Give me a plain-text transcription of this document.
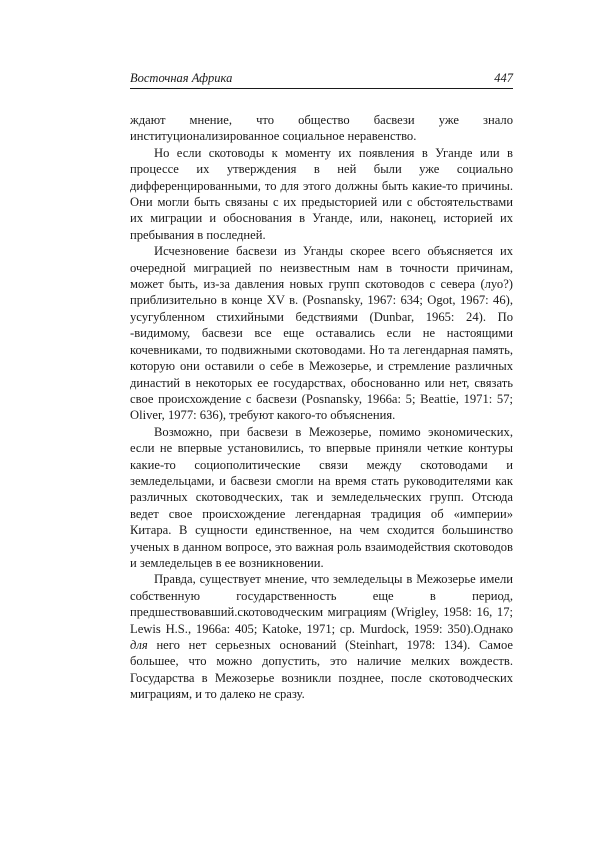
Восточная Африка	447

ждают мнение, что общество басвези уже знало институционализированное социальное неравенство.

Но если скотоводы к моменту их появления в Уганде или в процессе их утверждения в ней были уже социально дифференцированными, то для этого должны быть какие-то причины. Они могли быть связаны с их предысторией или с обстоятельствами их миграции и обоснования в Уганде, или, наконец, историей их пребывания в последней.

Исчезновение басвези из Уганды скорее всего объясняется их очередной миграцией по неизвестным нам в точности причинам, может быть, из-за давления новых групп скотоводов с севера (луо?) приблизительно в конце XV в. (Posnansky, 1967: 634; Ogot, 1967: 46), усугубленном стихийными бедствиями (Dunbar, 1965: 24). По -видимому, басвези все еще оставались если не настоящими кочевниками, то подвижными скотоводами. Но та легендарная память, которую они оставили о себе в Межозерье, и стремление различных династий в некоторых ее государствах, обоснованно или нет, связать свое происхождение с басвези (Posnansky, 1966a: 5; Beattie, 1971: 57; Oliver, 1977: 636), требуют какого-то объяснения.

Возможно, при басвези в Межозерье, помимо экономических, если не впервые установились, то впервые приняли четкие контуры какие-то социополитические связи между скотоводами и земледельцами, и басвези смогли на время стать руководителями как различных скотоводческих, так и земледельческих групп. Отсюда ведет свое происхождение легендарная традиция об «империи» Китара. В сущности единственное, на чем сходится большинство ученых в данном вопросе, это важная роль взаимодействия скотоводов и земледельцев в ее возникновении.

Правда, существует мнение, что земледельцы в Межозерье имели собственную государственность еще в период, предшествовавший.скотоводческим миграциям (Wrigley, 1958: 16, 17; Lewis H.S., 1966a: 405; Katoke, 1971; ср. Murdock, 1959: 350).Однако для него нет серьезных оснований (Steinhart, 1978: 134). Самое большее, что можно допустить, это наличие мелких вождеств. Государства в Межозерье возникли позднее, после скотоводческих миграциям, и то далеко не сразу.
